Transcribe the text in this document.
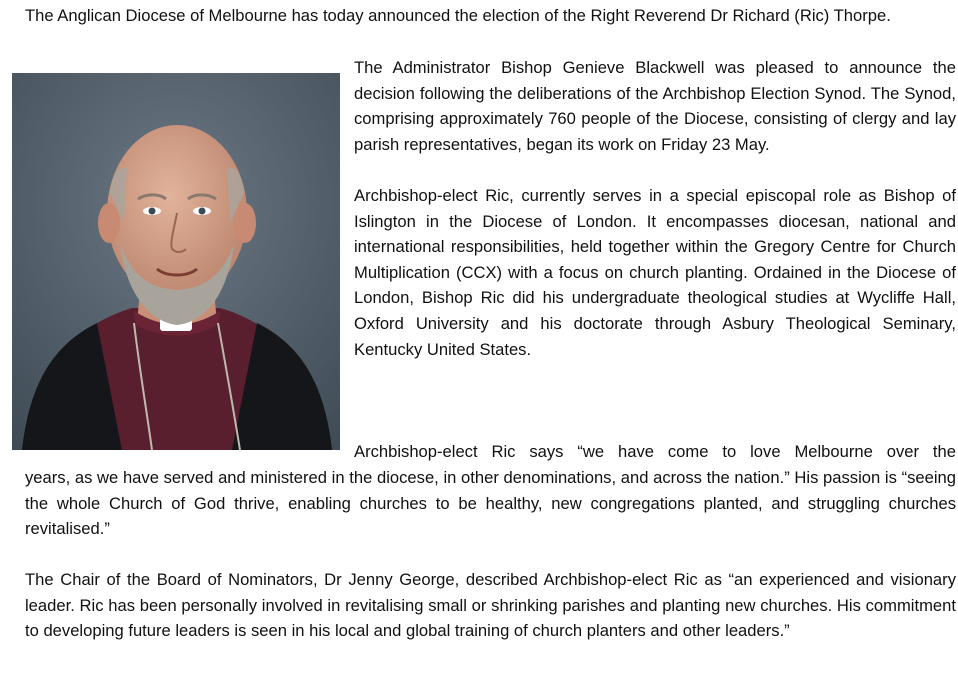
The Anglican Diocese of Melbourne has today announced the election of the Right Reverend Dr Richard (Ric) Thorpe.

The Administrator Bishop Genieve Blackwell was pleased to announce the decision following the deliberations of the Archbishop Election Synod. The Synod, comprising approximately 760 people of the Diocese, consisting of clergy and lay parish representatives, began its work on Friday 23 May.

Archbishop-elect Ric, currently serves in a special episcopal role as Bishop of Islington in the Diocese of London. It encompasses diocesan, national and international responsibilities, held together within the Gregory Centre for Church Multiplication (CCX) with a focus on church planting. Ordained in the Diocese of London, Bishop Ric did his undergraduate theological studies at Wycliffe Hall, Oxford University and his doctorate through Asbury Theological Seminary, Kentucky United States.

Archbishop-elect Ric says “we have come to love Melbourne over the

years, as we have served and ministered in the diocese, in other denominations, and across the nation.” His passion is “seeing the whole Church of God thrive, enabling churches to be healthy, new congregations planted, and struggling churches revitalised.”

The Chair of the Board of Nominators, Dr Jenny George, described Archbishop-elect Ric as “an experienced and visionary leader. Ric has been personally involved in revitalising small or shrinking parishes and planting new churches. His commitment to developing future leaders is seen in his local and global training of church planters and other leaders.”
